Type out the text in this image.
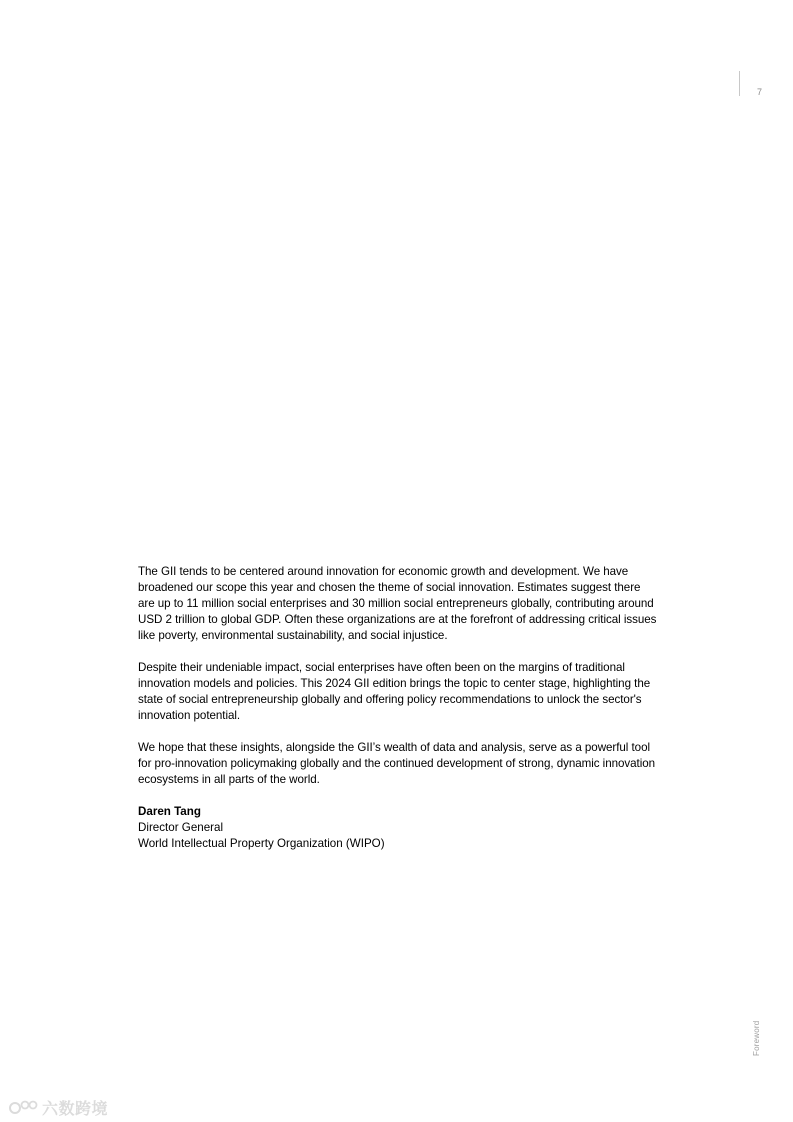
7

The GII tends to be centered around innovation for economic growth and development. We have broadened our scope this year and chosen the theme of social innovation. Estimates suggest there are up to 11 million social enterprises and 30 million social entrepreneurs globally, contributing around USD 2 trillion to global GDP. Often these organizations are at the forefront of addressing critical issues like poverty, environmental sustainability, and social injustice.

Despite their undeniable impact, social enterprises have often been on the margins of traditional innovation models and policies. This 2024 GII edition brings the topic to center stage, highlighting the state of social entrepreneurship globally and offering policy recommendations to unlock the sector's innovation potential.

We hope that these insights, alongside the GII’s wealth of data and analysis, serve as a powerful tool for pro-innovation policymaking globally and the continued development of strong, dynamic innovation ecosystems in all parts of the world.

Daren Tang
Director General
World Intellectual Property Organization (WIPO)
Foreword
六数跨境
